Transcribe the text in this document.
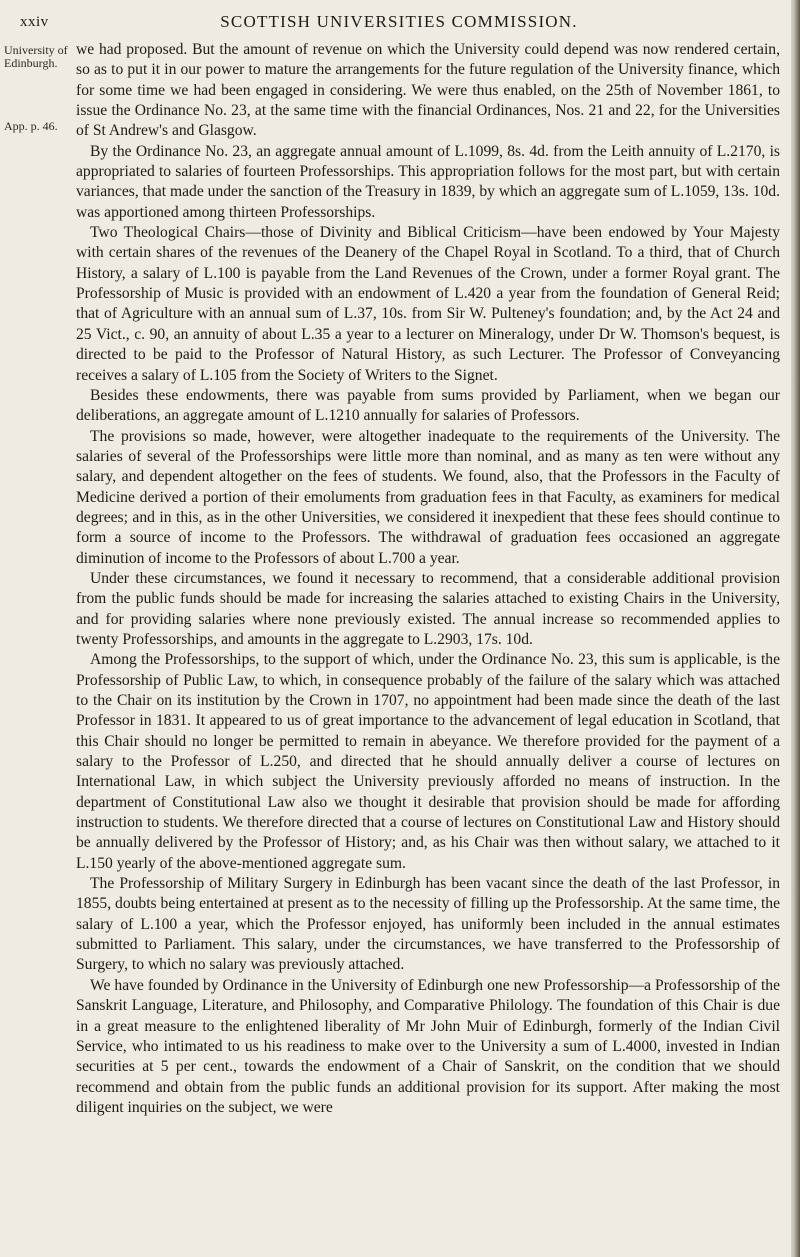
xxiv	SCOTTISH UNIVERSITIES COMMISSION.
University of Edinburgh.
App. p. 46.

we had proposed. But the amount of revenue on which the University could depend was now rendered certain, so as to put it in our power to mature the arrangements for the future regulation of the University finance, which for some time we had been engaged in considering. We were thus enabled, on the 25th of November 1861, to issue the Ordinance No. 23, at the same time with the financial Ordinances, Nos. 21 and 22, for the Universities of St Andrew's and Glasgow.

By the Ordinance No. 23, an aggregate annual amount of L.1099, 8s. 4d. from the Leith annuity of L.2170, is appropriated to salaries of fourteen Professorships. This appropriation follows for the most part, but with certain variances, that made under the sanction of the Treasury in 1839, by which an aggregate sum of L.1059, 13s. 10d. was apportioned among thirteen Professorships.

Two Theological Chairs—those of Divinity and Biblical Criticism—have been endowed by Your Majesty with certain shares of the revenues of the Deanery of the Chapel Royal in Scotland. To a third, that of Church History, a salary of L.100 is payable from the Land Revenues of the Crown, under a former Royal grant. The Professorship of Music is provided with an endowment of L.420 a year from the foundation of General Reid; that of Agriculture with an annual sum of L.37, 10s. from Sir W. Pulteney's foundation; and, by the Act 24 and 25 Vict., c. 90, an annuity of about L.35 a year to a lecturer on Mineralogy, under Dr W. Thomson's bequest, is directed to be paid to the Professor of Natural History, as such Lecturer. The Professor of Conveyancing receives a salary of L.105 from the Society of Writers to the Signet.

Besides these endowments, there was payable from sums provided by Parliament, when we began our deliberations, an aggregate amount of L.1210 annually for salaries of Professors.

The provisions so made, however, were altogether inadequate to the requirements of the University. The salaries of several of the Professorships were little more than nominal, and as many as ten were without any salary, and dependent altogether on the fees of students. We found, also, that the Professors in the Faculty of Medicine derived a portion of their emoluments from graduation fees in that Faculty, as examiners for medical degrees; and in this, as in the other Universities, we considered it inexpedient that these fees should continue to form a source of income to the Professors. The withdrawal of graduation fees occasioned an aggregate diminution of income to the Professors of about L.700 a year.

Under these circumstances, we found it necessary to recommend, that a considerable additional provision from the public funds should be made for increasing the salaries attached to existing Chairs in the University, and for providing salaries where none previously existed. The annual increase so recommended applies to twenty Professorships, and amounts in the aggregate to L.2903, 17s. 10d.

Among the Professorships, to the support of which, under the Ordinance No. 23, this sum is applicable, is the Professorship of Public Law, to which, in consequence probably of the failure of the salary which was attached to the Chair on its institution by the Crown in 1707, no appointment had been made since the death of the last Professor in 1831. It appeared to us of great importance to the advancement of legal education in Scotland, that this Chair should no longer be permitted to remain in abeyance. We therefore provided for the payment of a salary to the Professor of L.250, and directed that he should annually deliver a course of lectures on International Law, in which subject the University previously afforded no means of instruction. In the department of Constitutional Law also we thought it desirable that provision should be made for affording instruction to students. We therefore directed that a course of lectures on Constitutional Law and History should be annually delivered by the Professor of History; and, as his Chair was then without salary, we attached to it L.150 yearly of the above-mentioned aggregate sum.

The Professorship of Military Surgery in Edinburgh has been vacant since the death of the last Professor, in 1855, doubts being entertained at present as to the necessity of filling up the Professorship. At the same time, the salary of L.100 a year, which the Professor enjoyed, has uniformly been included in the annual estimates submitted to Parliament. This salary, under the circumstances, we have transferred to the Professorship of Surgery, to which no salary was previously attached.

We have founded by Ordinance in the University of Edinburgh one new Professorship—a Professorship of the Sanskrit Language, Literature, and Philosophy, and Comparative Philology. The foundation of this Chair is due in a great measure to the enlightened liberality of Mr John Muir of Edinburgh, formerly of the Indian Civil Service, who intimated to us his readiness to make over to the University a sum of L.4000, invested in Indian securities at 5 per cent., towards the endowment of a Chair of Sanskrit, on the condition that we should recommend and obtain from the public funds an additional provision for its support. After making the most diligent inquiries on the subject, we were
